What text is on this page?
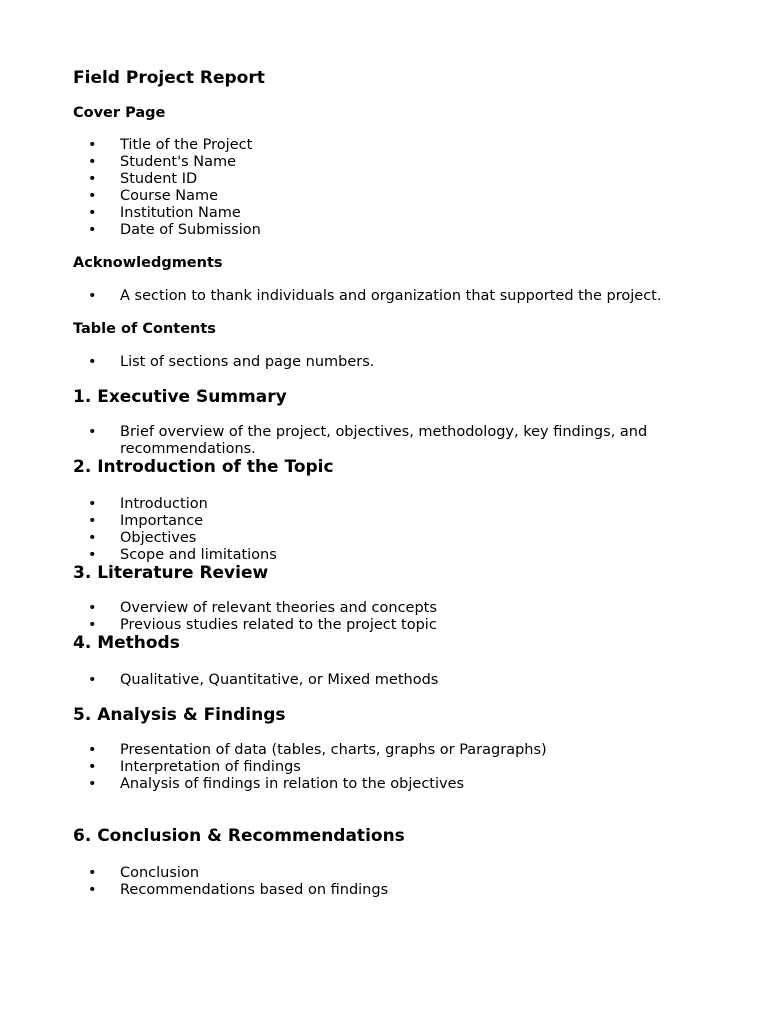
Field Project Report
Cover Page
• Title of the Project
• Student's Name
• Student ID
• Course Name
• Institution Name
• Date of Submission
Acknowledgments
• A section to thank individuals and organization that supported the project.
Table of Contents
• List of sections and page numbers.
1. Executive Summary
• Brief overview of the project, objectives, methodology, key findings, and recommendations.
2. Introduction of the Topic
• Introduction
• Importance
• Objectives
• Scope and limitations
3. Literature Review
• Overview of relevant theories and concepts
• Previous studies related to the project topic
4. Methods
• Qualitative, Quantitative, or Mixed methods
5. Analysis & Findings
• Presentation of data (tables, charts, graphs or Paragraphs)
• Interpretation of findings
• Analysis of findings in relation to the objectives
6. Conclusion & Recommendations
• Conclusion
• Recommendations based on findings
